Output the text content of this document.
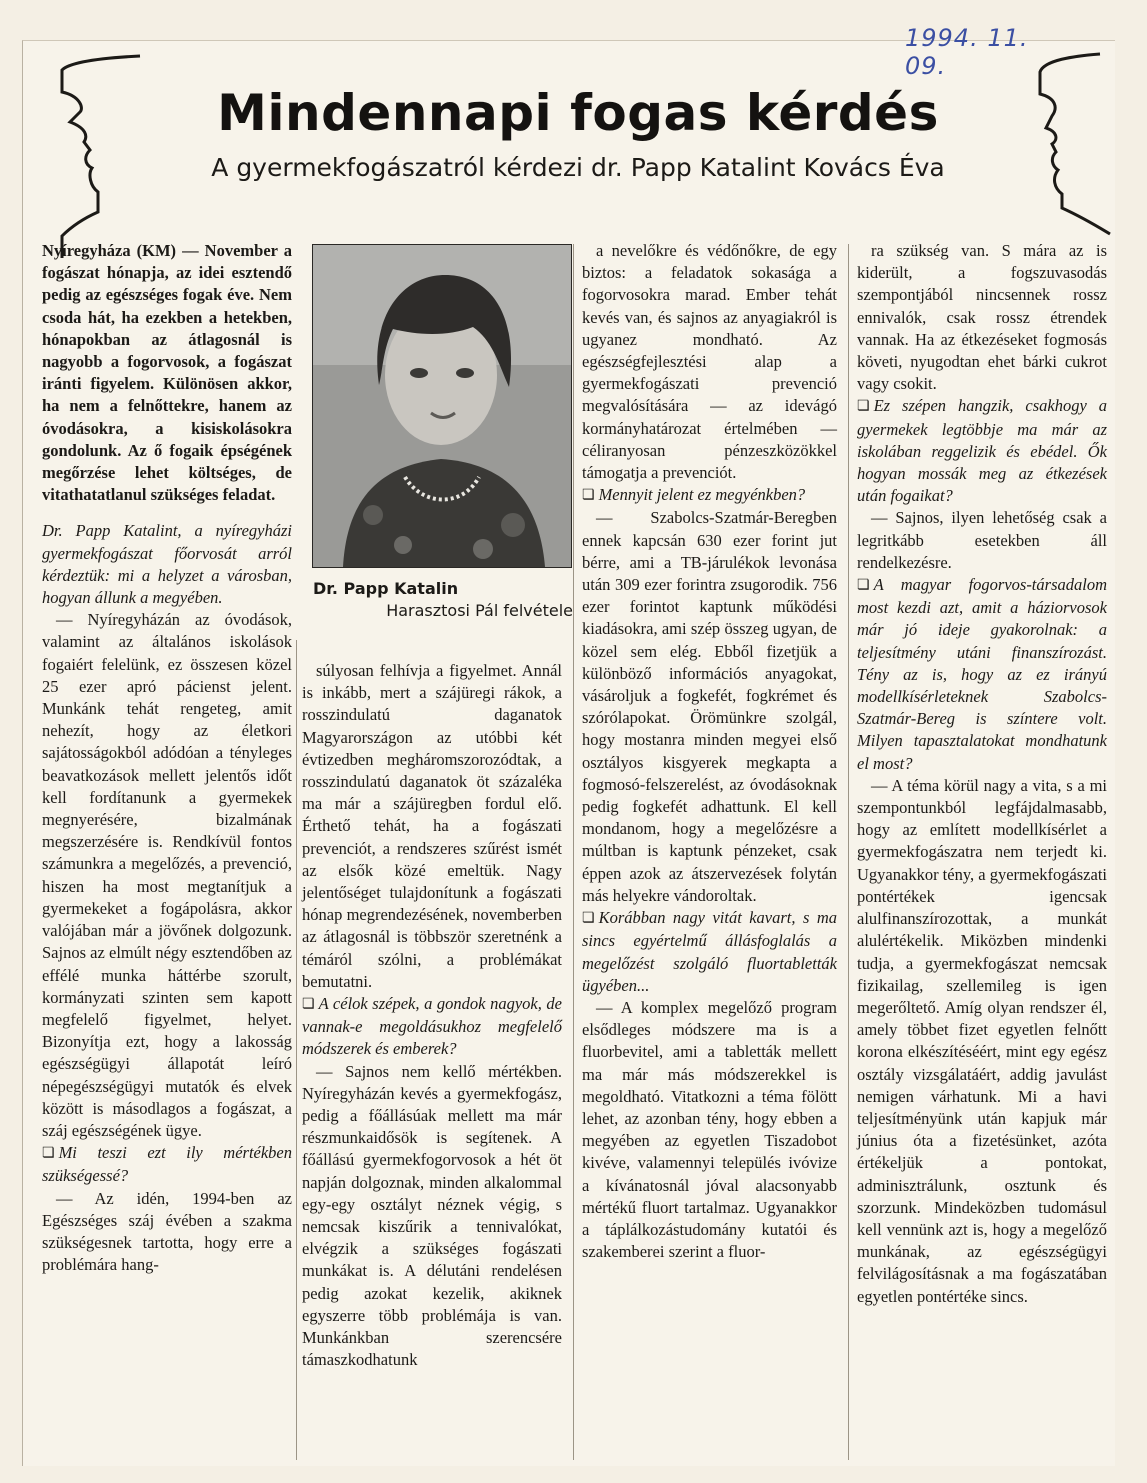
1994. 11. 09.
Mindennapi fogas kérdés
A gyermekfogászatról kérdezi dr. Papp Katalint Kovács Éva
Dr. Papp Katalin
Harasztosi Pál felvétele

Nyíregyháza (KM) — November a fogászat hónapja, az idei esztendő pedig az egészséges fogak éve. Nem csoda hát, ha ezekben a hetekben, hónapokban az átlagosnál is nagyobb a fogorvosok, a fogászat iránti figyelem. Különösen akkor, ha nem a felnőttekre, hanem az óvodásokra, a kisiskolásokra gondolunk. Az ő fogaik épségének megőrzése lehet költséges, de vitathatatlanul szükséges feladat.

Dr. Papp Katalint, a nyíregyházi gyermekfogászat főorvosát arról kérdeztük: mi a helyzet a városban, hogyan állunk a megyében.

— Nyíregyházán az óvodások, valamint az általános iskolások fogaiért felelünk, ez összesen közel 25 ezer apró pácienst jelent. Munkánk tehát rengeteg, amit nehezít, hogy az életkori sajátosságokból adódóan a tényleges beavatkozások mellett jelentős időt kell fordítanunk a gyermekek megnyerésére, bizalmának megszerzésére is. Rendkívül fontos számunkra a megelőzés, a prevenció, hiszen ha most megtanítjuk a gyermekeket a fogápolásra, akkor valójában már a jövőnek dolgozunk. Sajnos az elmúlt négy esztendőben az effélé munka háttérbe szorult, kormányzati szinten sem kapott megfelelő figyelmet, helyet. Bizonyítja ezt, hogy a lakosság egészségügyi állapotát leíró népegészségügyi mutatók és elvek között is másodlagos a fogászat, a száj egészségének ügye.

❏ Mi teszi ezt ily mértékben szükségessé?

— Az idén, 1994-ben az Egészséges száj évében a szakma szükségesnek tartotta, hogy erre a problémára hang-

súlyosan felhívja a figyelmet. Annál is inkább, mert a szájüregi rákok, a rosszindulatú daganatok Magyarországon az utóbbi két évtizedben megháromszorozódtak, a rosszindulatú daganatok öt százaléka ma már a szájüregben fordul elő. Érthető tehát, ha a fogászati prevenciót, a rendszeres szűrést ismét az elsők közé emeltük. Nagy jelentőséget tulajdonítunk a fogászati hónap megrendezésének, novemberben az átlagosnál is többször szeretnénk a témáról szólni, a problémákat bemutatni.

❏ A célok szépek, a gondok nagyok, de vannak-e megoldásukhoz megfelelő módszerek és emberek?

— Sajnos nem kellő mértékben. Nyíregyházán kevés a gyermekfogász, pedig a főállásúak mellett ma már részmunkaidősök is segítenek. A főállású gyermekfogorvosok a hét öt napján dolgoznak, minden alkalommal egy-egy osztályt néznek végig, s nemcsak kiszűrik a tennivalókat, elvégzik a szükséges fogászati munkákat is. A délutáni rendelésen pedig azokat kezelik, akiknek egyszerre több problémája is van. Munkánkban szerencsére támaszkodhatunk

a nevelőkre és védőnőkre, de egy biztos: a feladatok sokasága a fogorvosokra marad. Ember tehát kevés van, és sajnos az anyagiakról is ugyanez mondható. Az egészségfejlesztési alap a gyermekfogászati prevenció megvalósítására — az idevágó kormányhatározat értelmében — céliranyosan pénzeszközökkel támogatja a prevenciót.

❏ Mennyit jelent ez megyénkben?

— Szabolcs-Szatmár-Beregben ennek kapcsán 630 ezer forint jut bérre, ami a TB-járulékok levonása után 309 ezer forintra zsugorodik. 756 ezer forintot kaptunk működési kiadásokra, ami szép összeg ugyan, de közel sem elég. Ebből fizetjük a különböző információs anyagokat, vásároljuk a fogkefét, fogkrémet és szórólapokat. Örömünkre szolgál, hogy mostanra minden megyei első osztályos kisgyerek megkapta a fogmosó-felszerelést, az óvodásoknak pedig fogkefét adhattunk. El kell mondanom, hogy a megelőzésre a múltban is kaptunk pénzeket, csak éppen azok az átszervezések folytán más helyekre vándoroltak.

❏ Korábban nagy vitát kavart, s ma sincs egyértelmű állásfoglalás a megelőzést szolgáló fluortabletták ügyében...

— A komplex megelőző program elsődleges módszere ma is a fluorbevitel, ami a tabletták mellett ma már más módszerekkel is megoldható. Vitatkozni a téma fölött lehet, az azonban tény, hogy ebben a megyében az egyetlen Tiszadobot kivéve, valamennyi település ivóvize a kívánatosnál jóval alacsonyabb mértékű fluort tartalmaz. Ugyanakkor a táplálkozástudomány kutatói és szakemberei szerint a fluor-

ra szükség van. S mára az is kiderült, a fogszuvasodás szempontjából nincsennek rossz ennivalók, csak rossz étrendek vannak. Ha az étkezéseket fogmosás követi, nyugodtan ehet bárki cukrot vagy csokit.

❏ Ez szépen hangzik, csakhogy a gyermekek legtöbbje ma már az iskolában reggelizik és ebédel. Ők hogyan mossák meg az étkezések után fogaikat?

— Sajnos, ilyen lehetőség csak a legritkább esetekben áll rendelkezésre.

❏ A magyar fogorvos-társadalom most kezdi azt, amit a háziorvosok már jó ideje gyakorolnak: a teljesítmény utáni finanszírozást. Tény az is, hogy az ez irányú modellkísérleteknek Szabolcs-Szatmár-Bereg is színtere volt. Milyen tapasztalatokat mondhatunk el most?

— A téma körül nagy a vita, s a mi szempontunkból legfájdalmasabb, hogy az említett modellkísérlet a gyermekfogászatra nem terjedt ki. Ugyanakkor tény, a gyermekfogászati pontértékek igencsak alulfinanszírozottak, a munkát alulértékelik. Miközben mindenki tudja, a gyermekfogászat nemcsak fizikailag, szellemileg is igen megerőltető. Amíg olyan rendszer él, amely többet fizet egyetlen felnőtt korona elkészítéséért, mint egy egész osztály vizsgálatáért, addig javulást nemigen várhatunk. Mi a havi teljesítményünk után kapjuk már június óta a fizetésünket, azóta értékeljük a pontokat, adminisztrálunk, osztunk és szorzunk. Mindeközben tudomásul kell vennünk azt is, hogy a megelőző munkának, az egészségügyi felvilágosításnak a ma fogászatában egyetlen pontértéke sincs.
